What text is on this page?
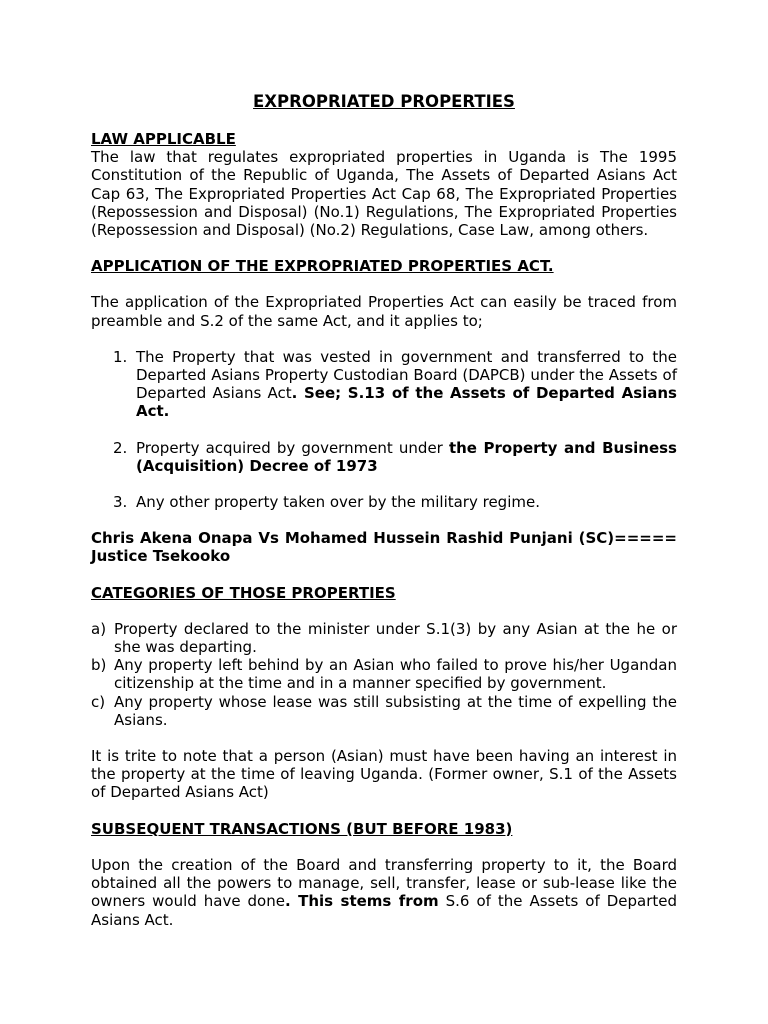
EXPROPRIATED PROPERTIES
LAW APPLICABLE

The law that regulates expropriated properties in Uganda is The 1995 Constitution of the Republic of Uganda, The Assets of Departed Asians Act Cap 63, The Expropriated Properties Act Cap 68, The Expropriated Properties (Repossession and Disposal) (No.1) Regulations, The Expropriated Properties (Repossession and Disposal) (No.2) Regulations, Case Law, among others.

APPLICATION OF THE EXPROPRIATED PROPERTIES ACT.

The application of the Expropriated Properties Act can easily be traced from preamble and S.2 of the same Act, and it applies to;

1. The Property that was vested in government and transferred to the Departed Asians Property Custodian Board (DAPCB) under the Assets of Departed Asians Act. See; S.13 of the Assets of Departed Asians Act.
2. Property acquired by government under the Property and Business (Acquisition) Decree of 1973
3. Any other property taken over by the military regime.

Chris Akena Onapa Vs Mohamed Hussein Rashid Punjani (SC)===== Justice Tsekooko

CATEGORIES OF THOSE PROPERTIES
a) Property declared to the minister under S.1(3) by any Asian at the he or she was departing.
b) Any property left behind by an Asian who failed to prove his/her Ugandan citizenship at the time and in a manner specified by government.
c) Any property whose lease was still subsisting at the time of expelling the Asians.

It is trite to note that a person (Asian) must have been having an interest in the property at the time of leaving Uganda. (Former owner, S.1 of the Assets of Departed Asians Act)

SUBSEQUENT TRANSACTIONS (BUT BEFORE 1983)

Upon the creation of the Board and transferring property to it, the Board obtained all the powers to manage, sell, transfer, lease or sub-lease like the owners would have done. This stems from S.6 of the Assets of Departed Asians Act.
